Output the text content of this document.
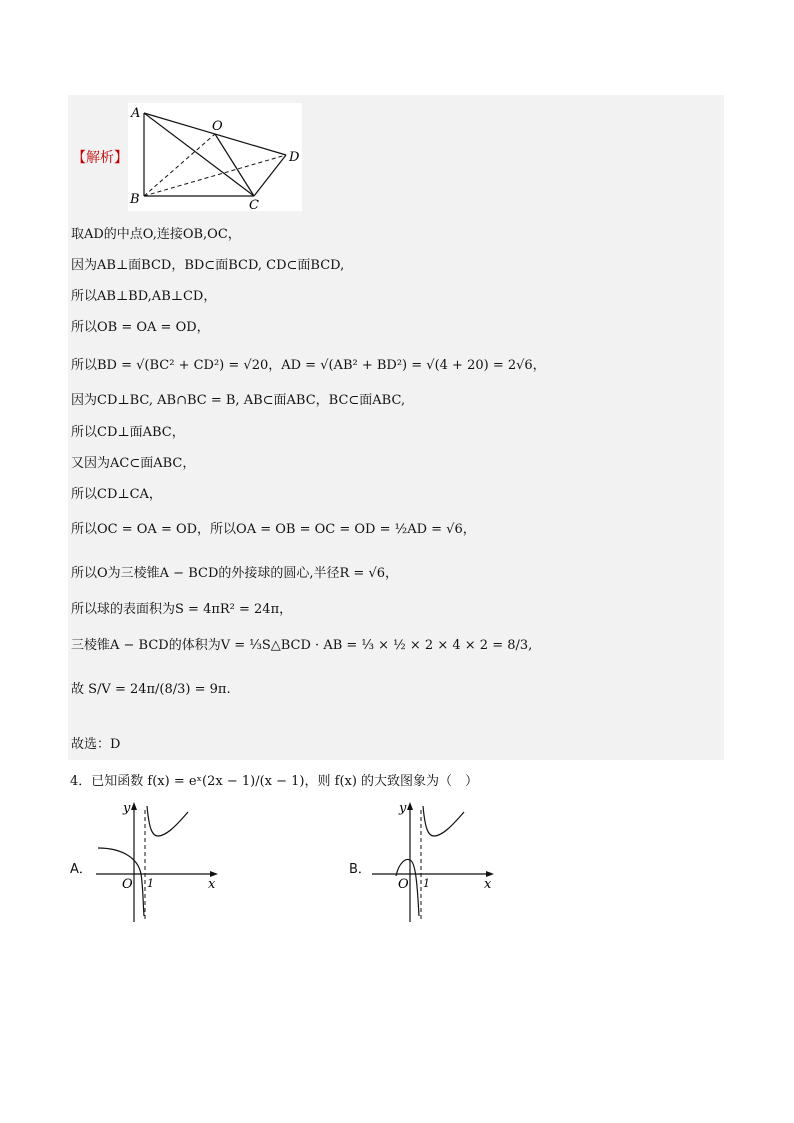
【解析】
A
O
D
B	C
取AD的中点O,连接OB,OC，
因为AB⊥面BCD，BD⊂面BCD, CD⊂面BCD,
所以AB⊥BD,AB⊥CD，
所以OB = OA = OD，
所以BD = √(BC² + CD²) = √20，AD = √(AB² + BD²) = √(4 + 20) = 2√6，
因为CD⊥BC, AB∩BC = B, AB⊂面ABC，BC⊂面ABC,
所以CD⊥面ABC，
又因为AC⊂面ABC，
所以CD⊥CA，
所以OC = OA = OD，所以OA = OB = OC = OD = ½AD = √6，
所以O为三棱锥A − BCD的外接球的圆心,半径R = √6，
所以球的表面积为S = 4πR² = 24π，
三棱锥A − BCD的体积为V = ⅓S△BCD · AB = ⅓ × ½ × 2 × 4 × 2 = 8/3,
故 S/V = 24π/(8/3) = 9π.
故选：D
4．已知函数 f(x) = eˣ(2x − 1)/(x − 1)，则 f(x) 的大致图象为（　）
A．
O 1	x
y
B．
O 1	x
y
